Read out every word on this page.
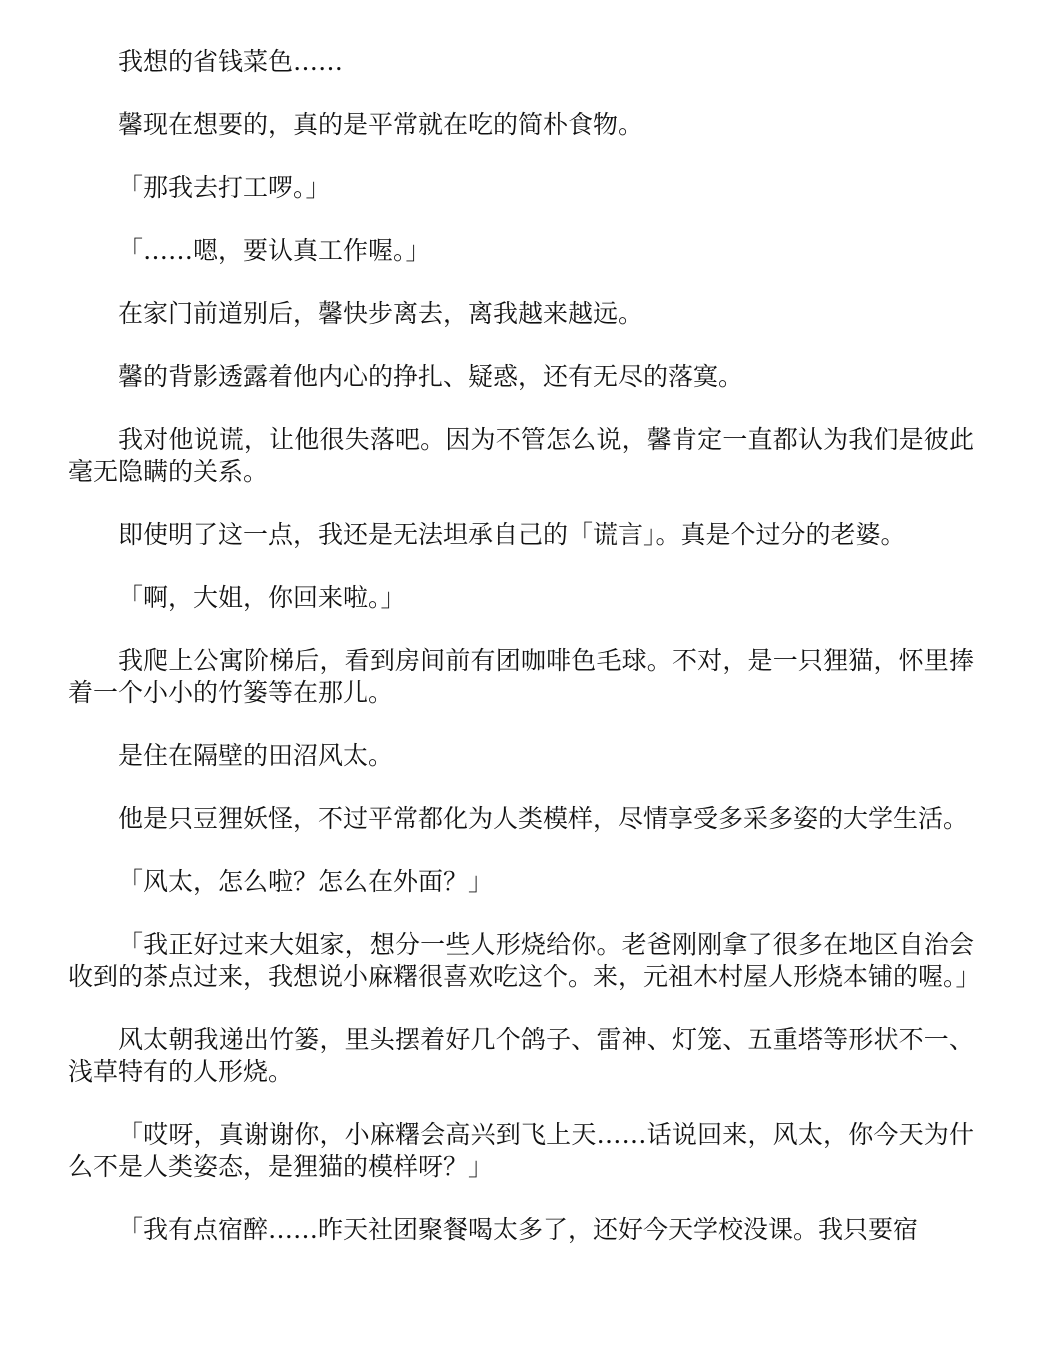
我想的省钱菜色……

馨现在想要的，真的是平常就在吃的简朴食物。

「那我去打工啰。」

「……嗯，要认真工作喔。」

在家门前道别后，馨快步离去，离我越来越远。

馨的背影透露着他内心的挣扎、疑惑，还有无尽的落寞。

我对他说谎，让他很失落吧。因为不管怎么说，馨肯定一直都认为我们是彼此毫无隐瞒的关系。

即使明了这一点，我还是无法坦承自己的「谎言」。真是个过分的老婆。

「啊，大姐，你回来啦。」

我爬上公寓阶梯后，看到房间前有团咖啡色毛球。不对，是一只狸猫，怀里捧着一个小小的竹篓等在那儿。

是住在隔壁的田沼风太。

他是只豆狸妖怪，不过平常都化为人类模样，尽情享受多采多姿的大学生活。

「风太，怎么啦？怎么在外面？」

「我正好过来大姐家，想分一些人形烧给你。老爸刚刚拿了很多在地区自治会收到的茶点过来，我想说小麻糬很喜欢吃这个。来，元祖木村屋人形烧本铺的喔。」

风太朝我递出竹篓，里头摆着好几个鸽子、雷神、灯笼、五重塔等形状不一、浅草特有的人形烧。

「哎呀，真谢谢你，小麻糬会高兴到飞上天……话说回来，风太，你今天为什么不是人类姿态，是狸猫的模样呀？」

「我有点宿醉……昨天社团聚餐喝太多了，还好今天学校没课。我只要宿
